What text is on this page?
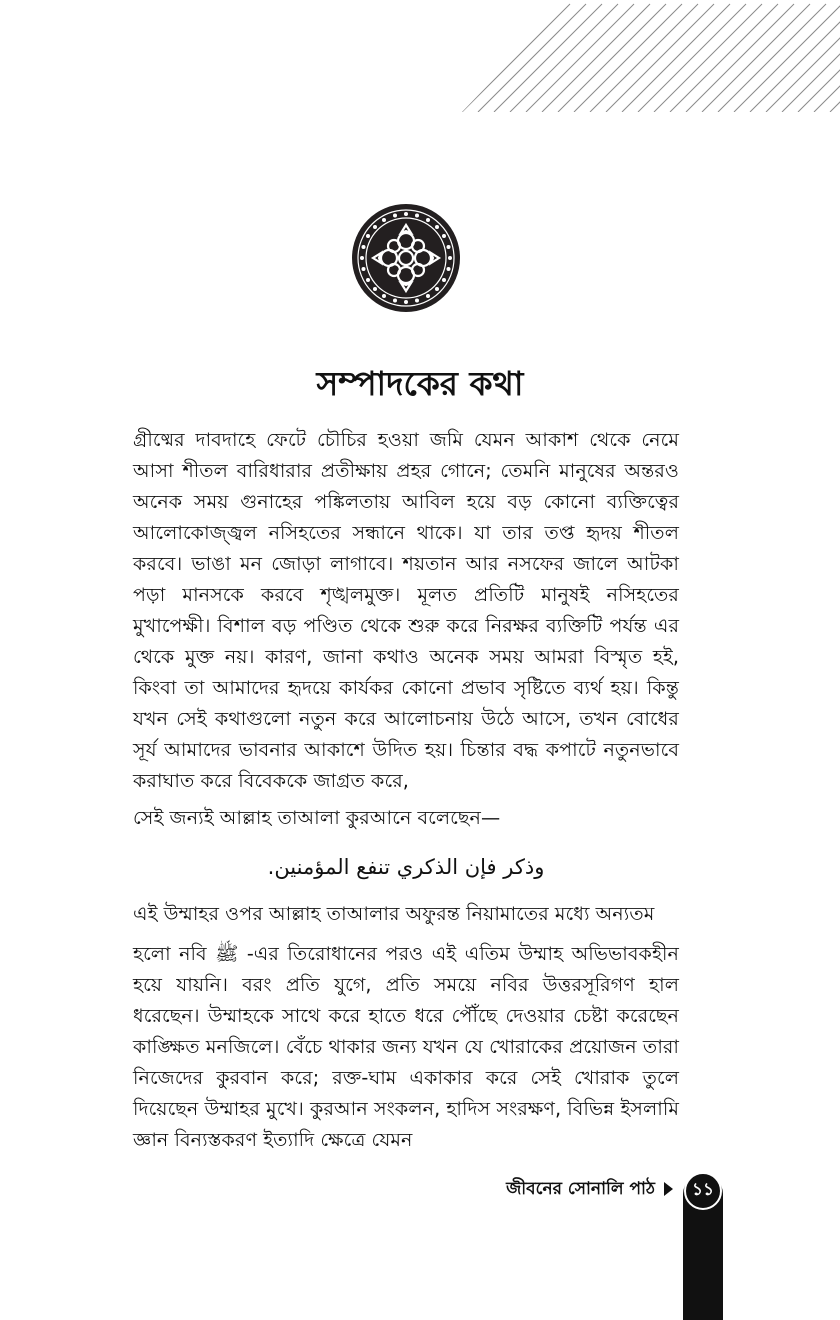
সম্পাদকের কথা

গ্রীষ্মের দাবদাহে ফেটে চৌচির হওয়া জমি যেমন আকাশ থেকে নেমে আসা শীতল বারিধারার প্রতীক্ষায় প্রহর গোনে; তেমনি মানুষের অন্তরও অনেক সময় গুনাহের পঙ্কিলতায় আবিল হয়ে বড় কোনো ব্যক্তিত্বের আলোকোজ্জ্বল নসিহতের সন্ধানে থাকে। যা তার তপ্ত হৃদয় শীতল করবে। ভাঙা মন জোড়া লাগাবে। শয়তান আর নসফের জালে আটকা পড়া মানসকে করবে শৃঙ্খলমুক্ত। মূলত প্রতিটি মানুষই নসিহতের মুখাপেক্ষী। বিশাল বড় পণ্ডিত থেকে শুরু করে নিরক্ষর ব্যক্তিটি পর্যন্ত এর থেকে মুক্ত নয়। কারণ, জানা কথাও অনেক সময় আমরা বিস্মৃত হই, কিংবা তা আমাদের হৃদয়ে কার্যকর কোনো প্রভাব সৃষ্টিতে ব্যর্থ হয়। কিন্তু যখন সেই কথাগুলো নতুন করে আলোচনায় উঠে আসে, তখন বোধের সূর্য আমাদের ভাবনার আকাশে উদিত হয়। চিন্তার বদ্ধ কপাটে নতুনভাবে করাঘাত করে বিবেককে জাগ্রত করে,

সেই জন্যই আল্লাহ তাআলা কুরআনে বলেছেন—

وذكر فإن الذكري تنفع المؤمنين.

এই উম্মাহর ওপর আল্লাহ তাআলার অফুরন্ত নিয়ামাতের মধ্যে অন্যতম

হলো নবি ﷺ -এর তিরোধানের পরও এই এতিম উম্মাহ অভিভাবকহীন হয়ে যায়নি। বরং প্রতি যুগে, প্রতি সময়ে নবির উত্তরসূরিগণ হাল ধরেছেন। উম্মাহকে সাথে করে হাতে ধরে পৌঁছে দেওয়ার চেষ্টা করেছেন কাঙ্ক্ষিত মনজিলে। বেঁচে থাকার জন্য যখন যে খোরাকের প্রয়োজন তারা নিজেদের কুরবান করে; রক্ত-ঘাম একাকার করে সেই খোরাক তুলে দিয়েছেন উম্মাহর মুখে। কুরআন সংকলন, হাদিস সংরক্ষণ, বিভিন্ন ইসলামি জ্ঞান বিন্যস্তকরণ ইত্যাদি ক্ষেত্রে যেমন

জীবনের সোনালি পাঠ	১১
